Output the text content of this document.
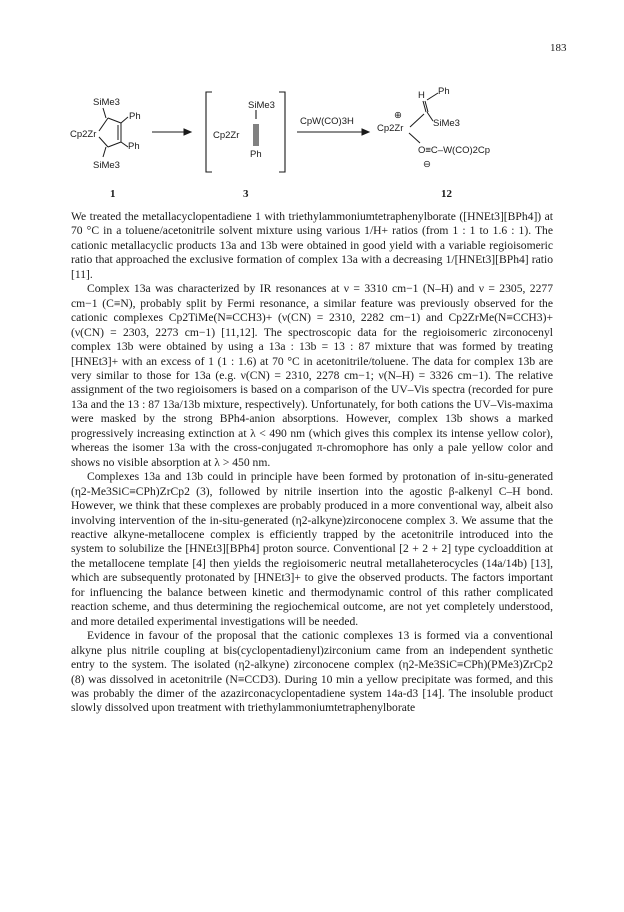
183
SiMe3
Ph
Cp2Zr
Ph
SiMe3
1
SiMe3
Cp2Zr
Ph
3
CpW(CO)3H
H Ph
⊕
Cp2Zr	SiMe3
O≡C–W(CO)2Cp
⊖
12

We treated the metallacyclopentadiene 1 with triethylammoniumtetraphenylborate ([HNEt3][BPh4]) at 70 °C in a toluene/acetonitrile solvent mixture using various 1/H+ ratios (from 1 : 1 to 1.6 : 1). The cationic metallacyclic products 13a and 13b were obtained in good yield with a variable regioisomeric ratio that approached the exclusive formation of complex 13a with a decreasing 1/[HNEt3][BPh4] ratio [11].

Complex 13a was characterized by IR resonances at ν = 3310 cm−1 (N–H) and ν = 2305, 2277 cm−1 (C≡N), probably split by Fermi resonance, a similar feature was previously observed for the cationic complexes Cp2TiMe(N≡CCH3)+ (ν(CN) = 2310, 2282 cm−1) and Cp2ZrMe(N≡CCH3)+ (ν(CN) = 2303, 2273 cm−1) [11,12]. The spectroscopic data for the regioisomeric zirconocenyl complex 13b were obtained by using a 13a : 13b = 13 : 87 mixture that was formed by treating [HNEt3]+ with an excess of 1 (1 : 1.6) at 70 °C in acetonitrile/toluene. The data for complex 13b are very similar to those for 13a (e.g. ν(CN) = 2310, 2278 cm−1; ν(N–H) = 3326 cm−1). The relative assignment of the two regioisomers is based on a comparison of the UV–Vis spectra (recorded for pure 13a and the 13 : 87 13a/13b mixture, respectively). Unfortunately, for both cations the UV–Vis-maxima were masked by the strong BPh4-anion absorptions. However, complex 13b shows a marked progressively increasing extinction at λ < 490 nm (which gives this complex its intense yellow color), whereas the isomer 13a with the cross-conjugated π-chromophore has only a pale yellow color and shows no visible absorption at λ > 450 nm.

Complexes 13a and 13b could in principle have been formed by protonation of in-situ-generated (η2-Me3SiC≡CPh)ZrCp2 (3), followed by nitrile insertion into the agostic β-alkenyl C–H bond. However, we think that these complexes are probably produced in a more conventional way, albeit also involving intervention of the in-situ-generated (η2-alkyne)zirconocene complex 3. We assume that the reactive alkyne-metallocene complex is efficiently trapped by the acetonitrile introduced into the system to solubilize the [HNEt3][BPh4] proton source. Conventional [2 + 2 + 2] type cycloaddition at the metallocene template [4] then yields the regioisomeric neutral metallaheterocycles (14a/14b) [13], which are subsequently protonated by [HNEt3]+ to give the observed products. The factors important for influencing the balance between kinetic and thermodynamic control of this rather complicated reaction scheme, and thus determining the regiochemical outcome, are not yet completely understood, and more detailed experimental investigations will be needed.

Evidence in favour of the proposal that the cationic complexes 13 is formed via a conventional alkyne plus nitrile coupling at bis(cyclopentadienyl)zirconium came from an independent synthetic entry to the system. The isolated (η2-alkyne) zirconocene complex (η2-Me3SiC≡CPh)(PMe3)ZrCp2 (8) was dissolved in acetonitrile (N≡CCD3). During 10 min a yellow precipitate was formed, and this was probably the dimer of the azazirconacyclopentadiene system 14a-d3 [14]. The insoluble product slowly dissolved upon treatment with triethylammoniumtetraphenylborate
